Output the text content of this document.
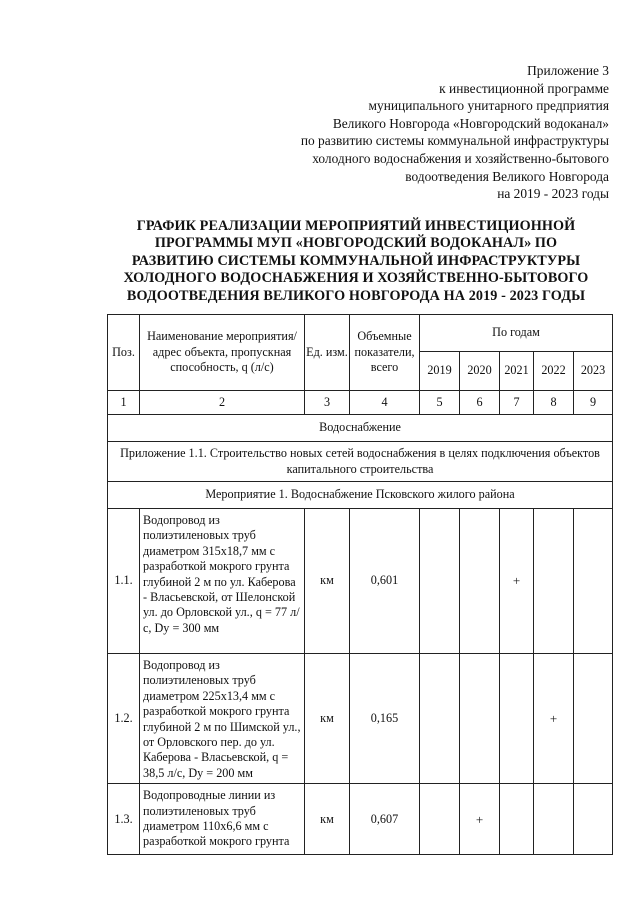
Приложение 3
к инвестиционной программе
муниципального унитарного предприятия
Великого Новгорода «Новгородский водоканал»
по развитию системы коммунальной инфраструктуры
холодного водоснабжения и хозяйственно-бытового
водоотведения Великого Новгорода
на 2019 - 2023 годы
ГРАФИК РЕАЛИЗАЦИИ МЕРОПРИЯТИЙ ИНВЕСТИЦИОННОЙ
ПРОГРАММЫ МУП «НОВГОРОДСКИЙ ВОДОКАНАЛ» ПО
РАЗВИТИЮ СИСТЕМЫ КОММУНАЛЬНОЙ ИНФРАСТРУКТУРЫ
ХОЛОДНОГО ВОДОСНАБЖЕНИЯ И ХОЗЯЙСТВЕННО-БЫТОВОГО
ВОДООТВЕДЕНИЯ ВЕЛИКОГО НОВГОРОДА НА 2019 - 2023 ГОДЫ
Поз.	Наименование мероприятия/адрес объекта, пропускная способность, q (л/с)	Ед. изм.	Объемные показатели, всего	По годам				
				2019	2020	2021	2022	2023
1	2	3	4	5	6	7	8	9
Водоснабжение								
Приложение 1.1. Строительство новых сетей водоснабжения в целях подключения объектов капитального строительства								
Мероприятие 1. Водоснабжение Псковского жилого района								
1.1.	Водопровод из полиэтиленовых труб диаметром 315x18,7 мм с разработкой мокрого грунта глубиной 2 м по ул. Каберова - Власьевской, от Шелонской ул. до Орловской ул., q = 77 л/с, Dy = 300 мм	км	0,601			+		
1.2.	Водопровод из полиэтиленовых труб диаметром 225x13,4 мм с разработкой мокрого грунта глубиной 2 м по Шимской ул., от Орловского пер. до ул. Каберова - Власьевской, q = 38,5 л/с, Dy = 200 мм	км	0,165				+	
1.3.	Водопроводные линии из полиэтиленовых труб диаметром 110x6,6 мм с разработкой мокрого грунта	км	0,607		+			
